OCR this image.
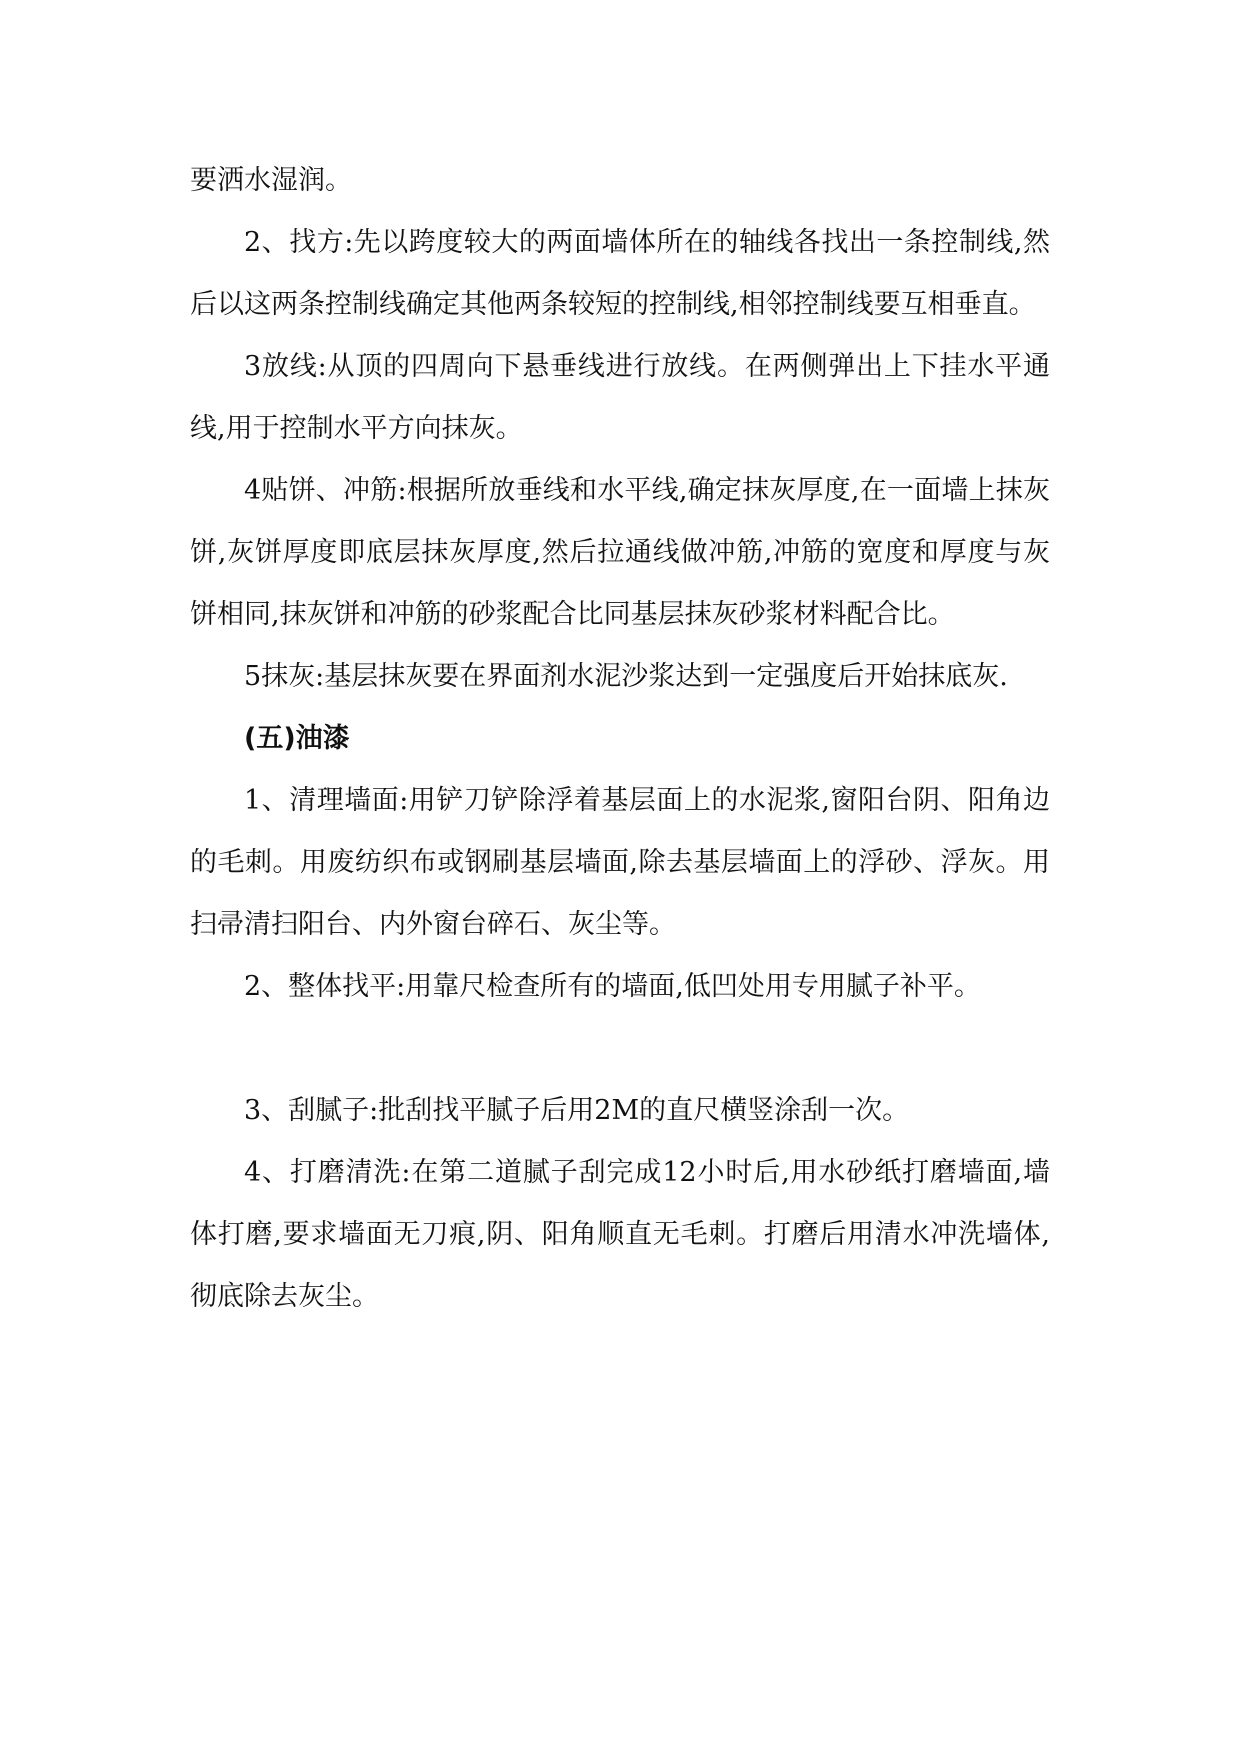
要洒水湿润。

2、找方:先以跨度较大的两面墙体所在的轴线各找出一条控制线,然后以这两条控制线确定其他两条较短的控制线,相邻控制线要互相垂直。

3放线:从顶的四周向下悬垂线进行放线。在两侧弹出上下挂水平通线,用于控制水平方向抹灰。

4贴饼、冲筋:根据所放垂线和水平线,确定抹灰厚度,在一面墙上抹灰饼,灰饼厚度即底层抹灰厚度,然后拉通线做冲筋,冲筋的宽度和厚度与灰饼相同,抹灰饼和冲筋的砂浆配合比同基层抹灰砂浆材料配合比。

5抹灰:基层抹灰要在界面剂水泥沙浆达到一定强度后开始抹底灰.

(五)油漆

1、清理墙面:用铲刀铲除浮着基层面上的水泥浆,窗阳台阴、阳角边的毛刺。用废纺织布或钢刷基层墙面,除去基层墙面上的浮砂、浮灰。用扫帚清扫阳台、内外窗台碎石、灰尘等。

2、整体找平:用靠尺检查所有的墙面,低凹处用专用腻子补平。

3、刮腻子:批刮找平腻子后用2M的直尺横竖涂刮一次。

4、打磨清洗:在第二道腻子刮完成12小时后,用水砂纸打磨墙面,墙体打磨,要求墙面无刀痕,阴、阳角顺直无毛刺。打磨后用清水冲洗墙体,彻底除去灰尘。
